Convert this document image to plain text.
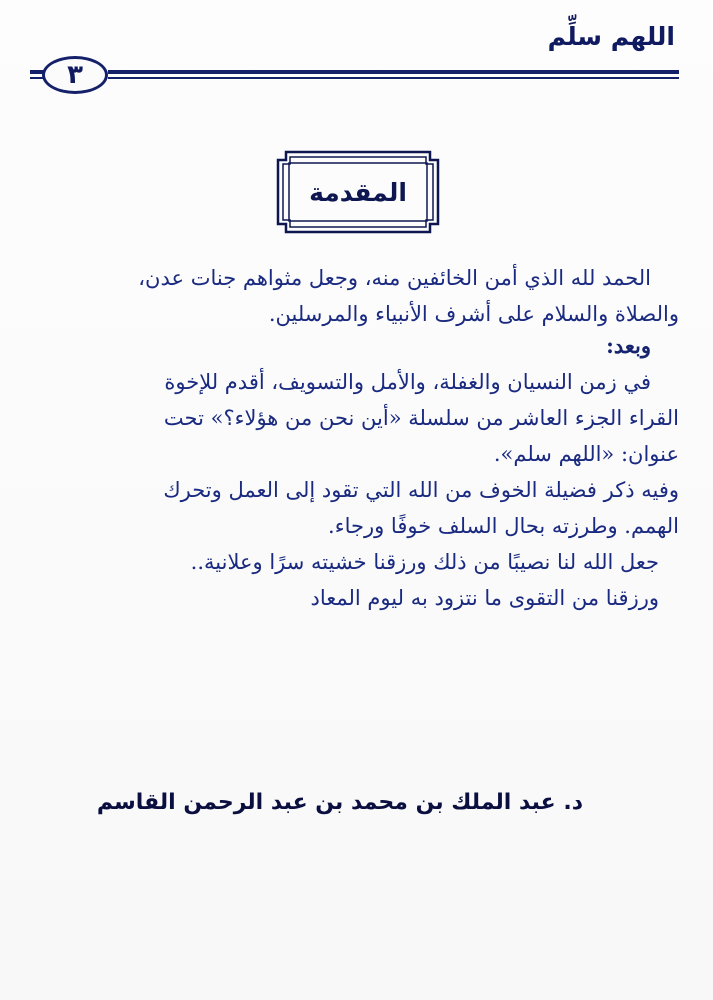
اللهم سلِّم
٣
المقدمة
الحمد لله الذي أمن الخائفين منه، وجعل مثواهم جنات عدن،
والصلاة والسلام على أشرف الأنبياء والمرسلين.
وبعد:
في زمن النسيان والغفلة، والأمل والتسويف، أقدم للإخوة
القراء الجزء العاشر من سلسلة «أين نحن من هؤلاء؟» تحت
عنوان: «اللهم سلم».
وفيه ذكر فضيلة الخوف من الله التي تقود إلى العمل وتحرك
الهمم. وطرزته بحال السلف خوفًا ورجاء.
جعل الله لنا نصيبًا من ذلك ورزقنا خشيته سرًا وعلانية..
ورزقنا من التقوى ما نتزود به ليوم المعاد
د. عبد الملك بن محمد بن عبد الرحمن القاسم
